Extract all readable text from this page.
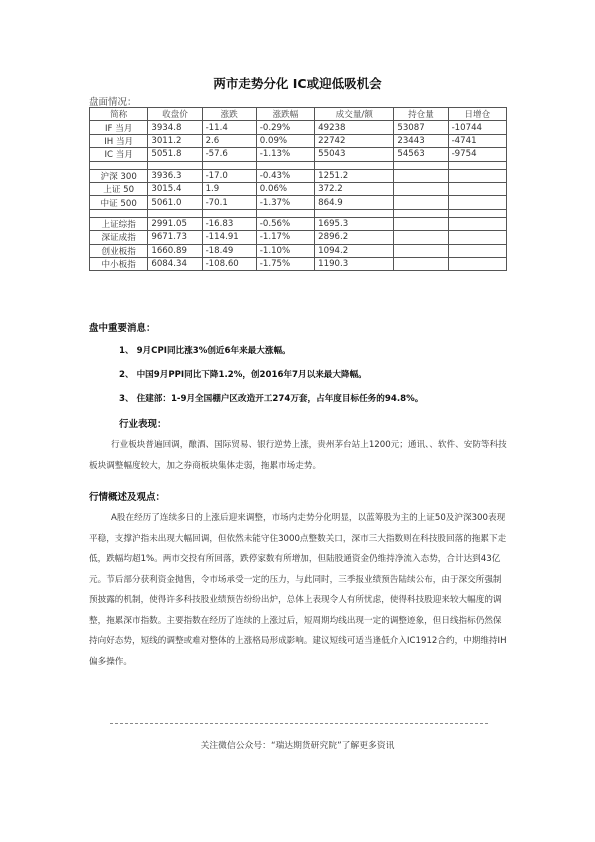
两市走势分化 IC或迎低吸机会
盘面情况：
简称	收盘价	涨跌	涨跌幅	成交量/额	持仓量	日增仓
IF 当月	3934.8	-11.4	-0.29%	49238	53087	-10744
IH 当月	3011.2	2.6	0.09%	22742	23443	-4741
IC 当月	5051.8	-57.6	-1.13%	55043	54563	-9754

沪深 300	3936.3	-17.0	-0.43%	1251.2		
上证 50	3015.4	1.9	0.06%	372.2		
中证 500	5061.0	-70.1	-1.37%	864.9		

上证综指	2991.05	-16.83	-0.56%	1695.3		
深证成指	9671.73	-114.91	-1.17%	2896.2		
创业板指	1660.89	-18.49	-1.10%	1094.2		
中小板指	6084.34	-108.60	-1.75%	1190.3		
盘中重要消息：
1、 9月CPI同比涨3%创近6年来最大涨幅。
2、 中国9月PPI同比下降1.2%，创2016年7月以来最大降幅。
3、 住建部：1-9月全国棚户区改造开工274万套，占年度目标任务的94.8%。
行业表现：
行业板块普遍回调，酿酒、国际贸易、银行逆势上涨，贵州茅台站上1200元；通讯、、软件、安防等科技板块调整幅度较大，加之券商板块集体走弱，拖累市场走势。
行情概述及观点：
A股在经历了连续多日的上涨后迎来调整，市场内走势分化明显，以蓝筹股为主的上证50及沪深300表现平稳，支撑沪指未出现大幅回调，但依然未能守住3000点整数关口，深市三大指数则在科技股回落的拖累下走低，跌幅均超1%。两市交投有所回落，跌停家数有所增加，但陆股通资金仍维持净流入态势，合计达到43亿元。节后部分获利资金抛售，令市场承受一定的压力，与此同时，三季报业绩预告陆续公布，由于深交所强制预披露的机制，使得许多科技股业绩预告纷纷出炉，总体上表现令人有所忧虑，使得科技股迎来较大幅度的调整，拖累深市指数。主要指数在经历了连续的上涨过后，短周期均线出现一定的调整迹象，但日线指标仍然保持向好态势，短线的调整或难对整体的上涨格局形成影响。建议短线可适当逢低介入IC1912合约，中期维持IH偏多操作。
关注微信公众号：“瑞达期货研究院”了解更多资讯
